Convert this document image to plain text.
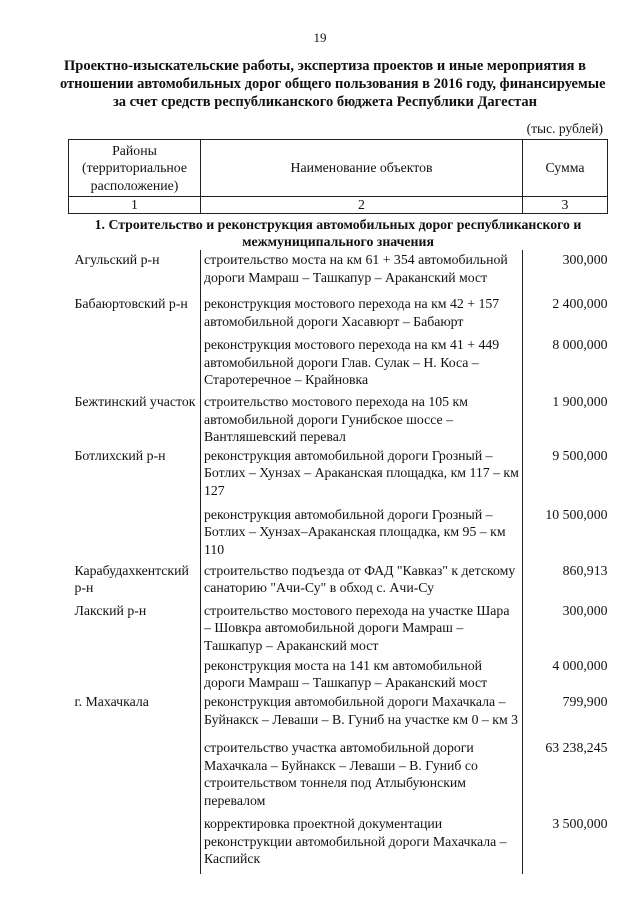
19
Проектно-изыскательские работы, экспертиза проектов и иные мероприятия в
отношении автомобильных дорог общего пользования в 2016 году, финансируемые
за счет средств республиканского бюджета Республики Дагестан
(тыс. рублей)
Районы (территориальное расположение)	Наименование объектов	Сумма
1	2	3
1. Строительство и реконструкция автомобильных дорог республиканского и межмуниципального значения		
Агульский р-н	строительство моста на км 61 + 354 автомобильной дороги Мамраш – Ташкапур – Араканский мост	300,000
Бабаюртовский р-н	реконструкция мостового перехода на км 42 + 157 автомобильной дороги Хасавюрт – Бабаюрт	2 400,000
	реконструкция мостового перехода на км 41 + 449 автомобильной дороги Глав. Сулак – Н. Коса – Старотеречное – Крайновка	8 000,000
Бежтинский участок	строительство мостового перехода на 105 км автомобильной дороги Гунибское шоссе – Вантляшевский перевал	1 900,000
Ботлихский р-н	реконструкция автомобильной дороги Грозный – Ботлих – Хунзах – Араканская площадка, км 117 – км 127	9 500,000
	реконструкция автомобильной дороги Грозный – Ботлих – Хунзах–Араканская площадка, км 95 – км 110	10 500,000
Карабудахкентский р-н	строительство подъезда от ФАД "Кавказ" к детскому санаторию "Ачи-Су" в обход с. Ачи-Су	860,913
Лакский р-н	строительство мостового перехода на участке Шара – Шовкра автомобильной дороги Мамраш – Ташкапур – Араканский мост	300,000
	реконструкция моста на 141 км автомобильной дороги Мамраш – Ташкапур – Араканский мост	4 000,000
г. Махачкала	реконструкция автомобильной дороги Махачкала – Буйнакск – Леваши – В. Гуниб на участке км 0 – км 3	799,900
	строительство участка автомобильной дороги Махачкала – Буйнакск – Леваши – В. Гуниб со строительством тоннеля под Атлыбуюнским перевалом	63 238,245
	корректировка проектной документации реконструкции автомобильной дороги Махачкала – Каспийск	3 500,000
